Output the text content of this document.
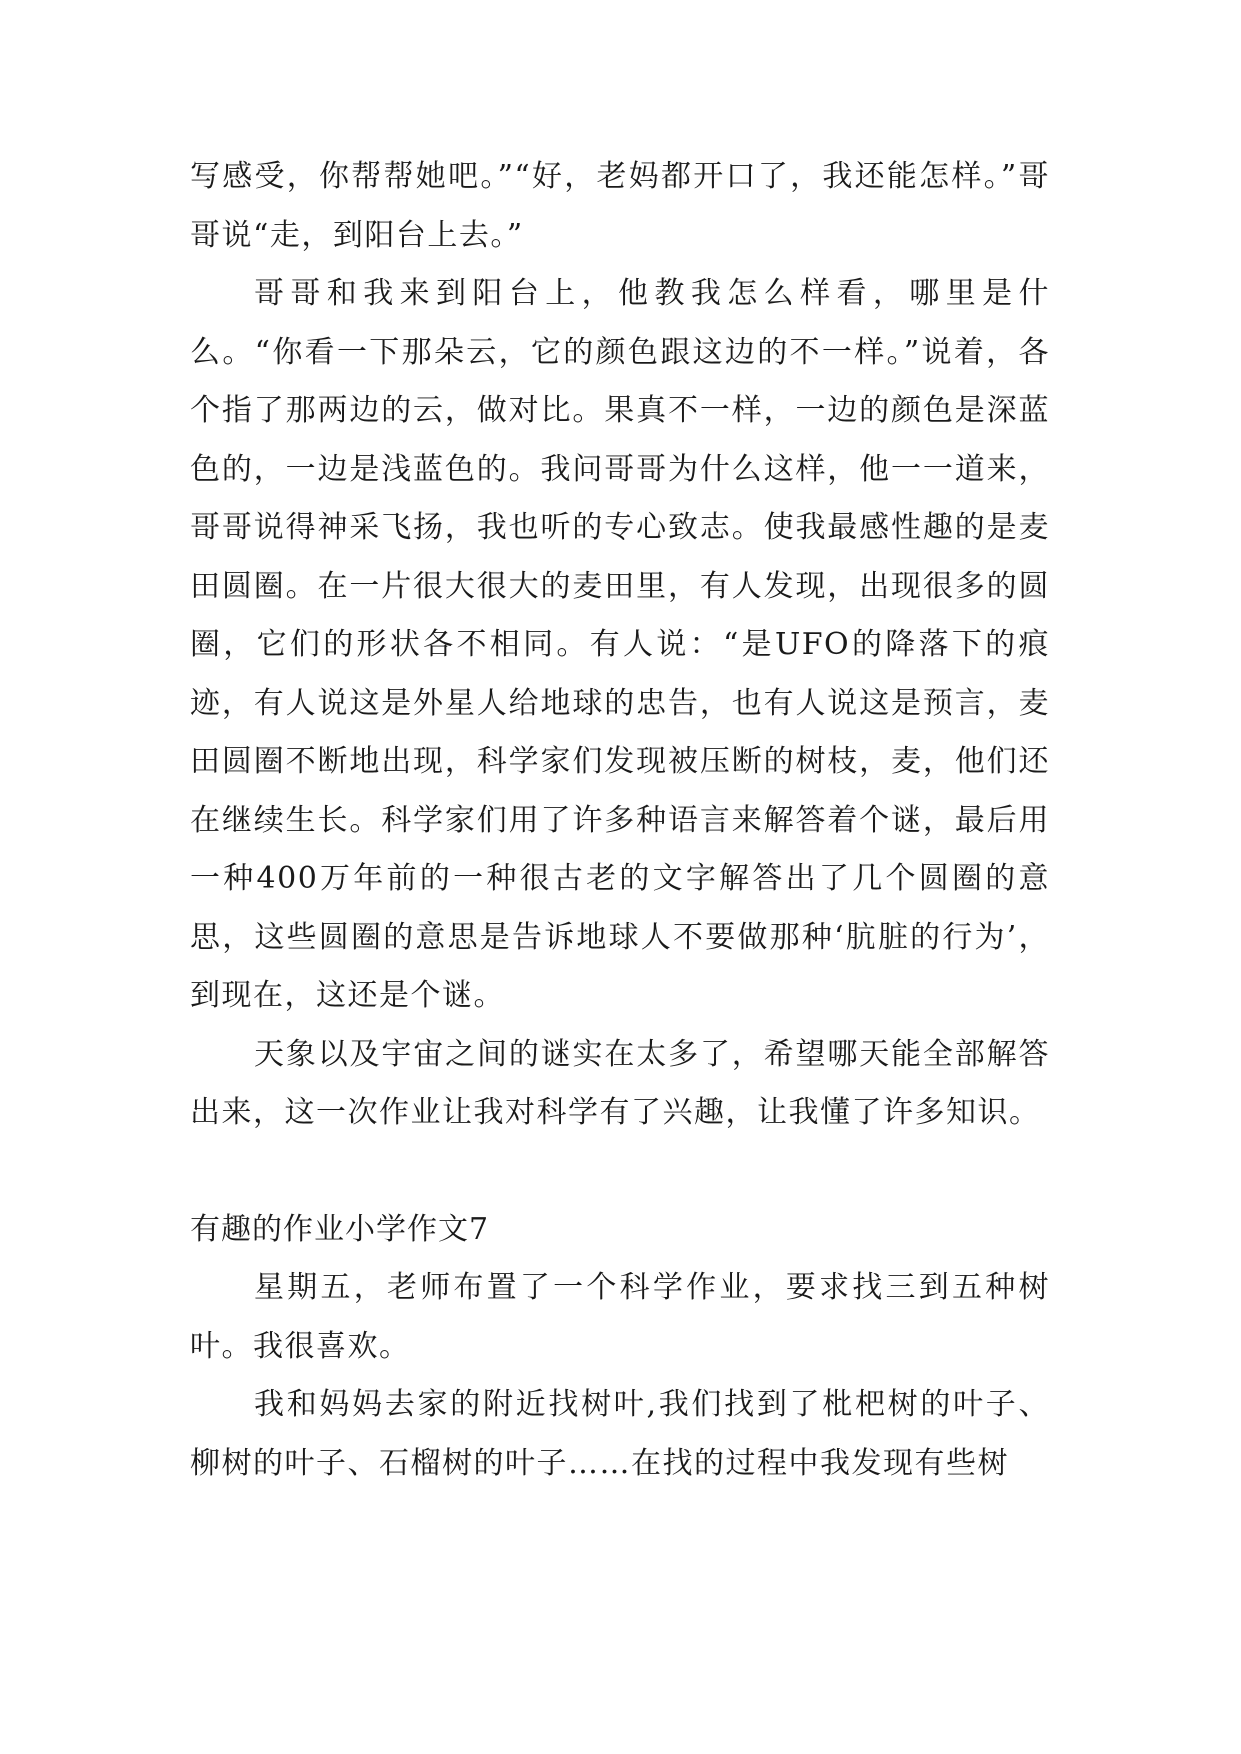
写感受，你帮帮她吧。”“好，老妈都开口了，我还能怎样。”哥哥说“走，到阳台上去。”

哥哥和我来到阳台上，他教我怎么样看，哪里是什么。“你看一下那朵云，它的颜色跟这边的不一样。”说着，各个指了那两边的云，做对比。果真不一样，一边的颜色是深蓝色的，一边是浅蓝色的。我问哥哥为什么这样，他一一道来，哥哥说得神采飞扬，我也听的专心致志。使我最感性趣的是麦田圆圈。在一片很大很大的麦田里，有人发现，出现很多的圆圈，它们的形状各不相同。有人说：“是UFO的降落下的痕迹，有人说这是外星人给地球的忠告，也有人说这是预言，麦田圆圈不断地出现，科学家们发现被压断的树枝，麦，他们还在继续生长。科学家们用了许多种语言来解答着个谜，最后用一种400万年前的一种很古老的文字解答出了几个圆圈的意思，这些圆圈的意思是告诉地球人不要做那种‘肮脏的行为’，到现在，这还是个谜。

天象以及宇宙之间的谜实在太多了，希望哪天能全部解答出来，这一次作业让我对科学有了兴趣，让我懂了许多知识。

有趣的作业小学作文7

星期五，老师布置了一个科学作业，要求找三到五种树叶。我很喜欢。

我和妈妈去家的附近找树叶,我们找到了枇杷树的叶子、柳树的叶子、石榴树的叶子……在找的过程中我发现有些树
